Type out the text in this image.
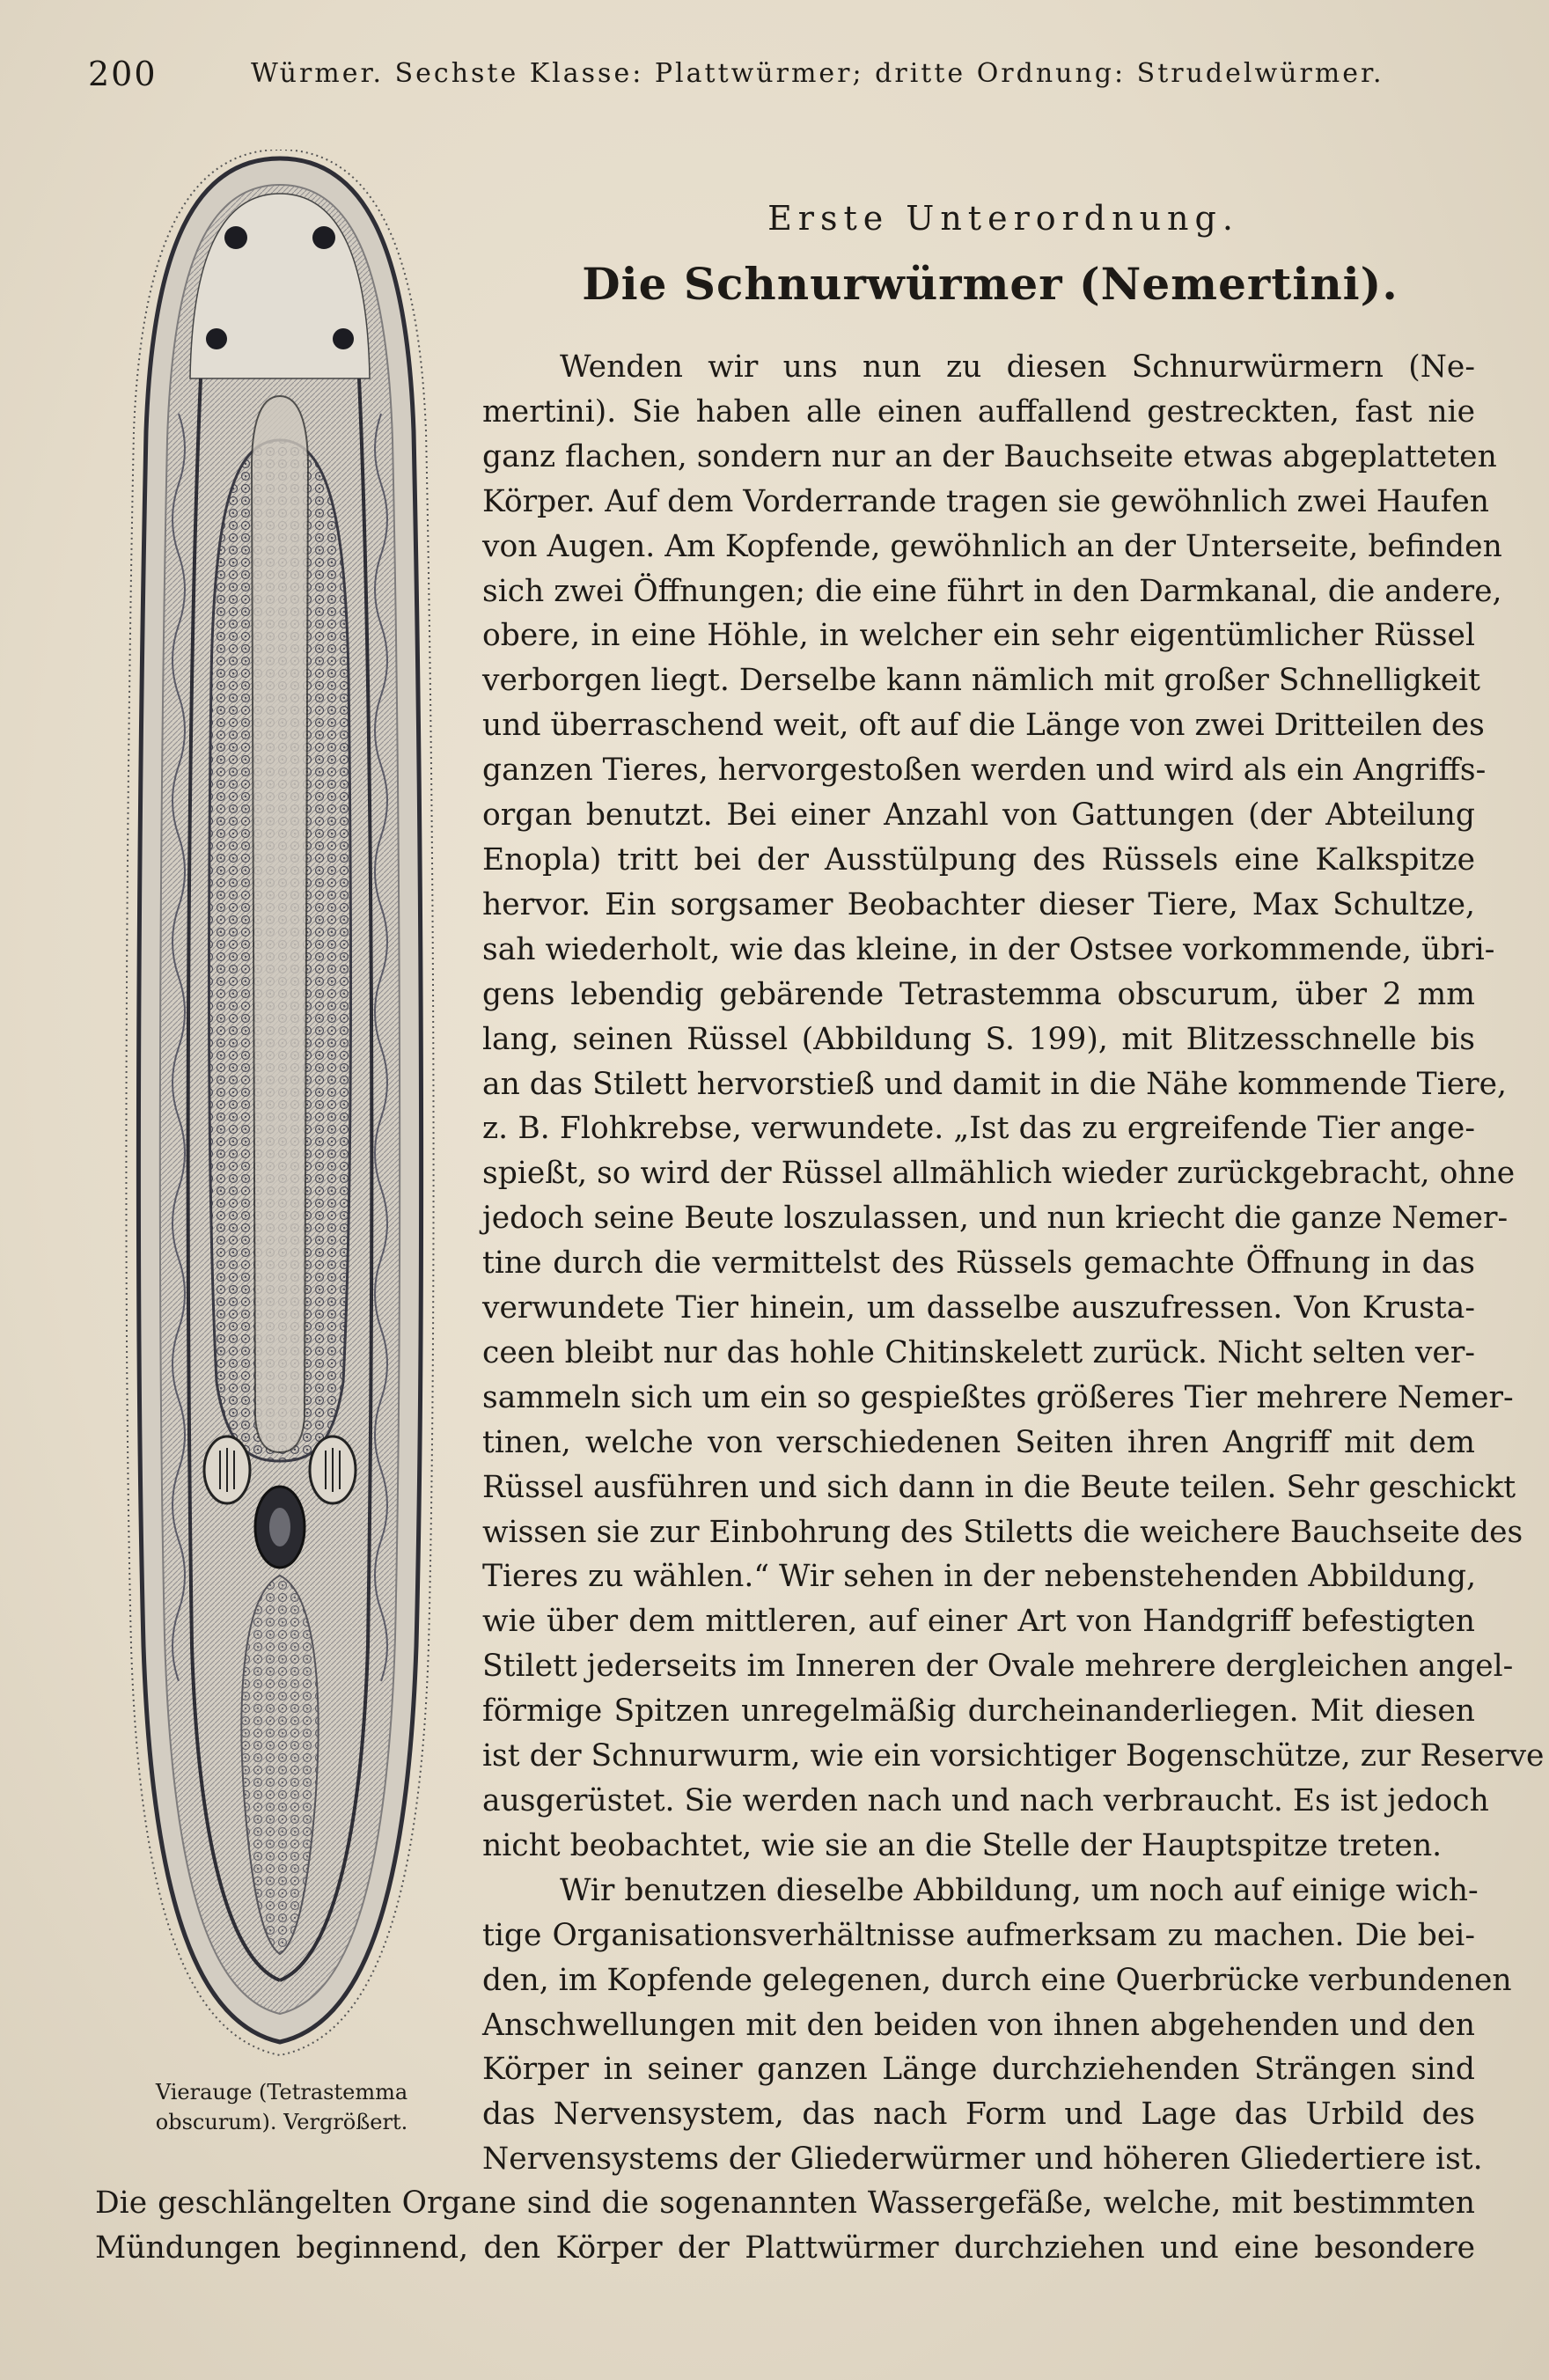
200	Würmer. Sechste Klasse: Plattwürmer; dritte Ordnung: Strudelwürmer.
Vierauge (Tetrastemma
obscurum). Vergrößert.
Erste Unterordnung.
Die Schnurwürmer (Nemertini).
Wenden wir uns nun zu diesen Schnurwürmern (Ne-
mertini). Sie haben alle einen auffallend gestreckten, fast nie
ganz flachen, sondern nur an der Bauchseite etwas abgeplatteten
Körper. Auf dem Vorderrande tragen sie gewöhnlich zwei Haufen
von Augen. Am Kopfende, gewöhnlich an der Unterseite, befinden
sich zwei Öffnungen; die eine führt in den Darmkanal, die andere,
obere, in eine Höhle, in welcher ein sehr eigentümlicher Rüssel
verborgen liegt. Derselbe kann nämlich mit großer Schnelligkeit
und überraschend weit, oft auf die Länge von zwei Dritteilen des
ganzen Tieres, hervorgestoßen werden und wird als ein Angriffs-
organ benutzt. Bei einer Anzahl von Gattungen (der Abteilung
Enopla) tritt bei der Ausstülpung des Rüssels eine Kalkspitze
hervor. Ein sorgsamer Beobachter dieser Tiere, Max Schultze,
sah wiederholt, wie das kleine, in der Ostsee vorkommende, übri-
gens lebendig gebärende Tetrastemma obscurum, über 2 mm
lang, seinen Rüssel (Abbildung S. 199), mit Blitzesschnelle bis
an das Stilett hervorstieß und damit in die Nähe kommende Tiere,
z. B. Flohkrebse, verwundete. „Ist das zu ergreifende Tier ange-
spießt, so wird der Rüssel allmählich wieder zurückgebracht, ohne
jedoch seine Beute loszulassen, und nun kriecht die ganze Nemer-
tine durch die vermittelst des Rüssels gemachte Öffnung in das
verwundete Tier hinein, um dasselbe auszufressen. Von Krusta-
ceen bleibt nur das hohle Chitinskelett zurück. Nicht selten ver-
sammeln sich um ein so gespießtes größeres Tier mehrere Nemer-
tinen, welche von verschiedenen Seiten ihren Angriff mit dem
Rüssel ausführen und sich dann in die Beute teilen. Sehr geschickt
wissen sie zur Einbohrung des Stiletts die weichere Bauchseite des
Tieres zu wählen.“ Wir sehen in der nebenstehenden Abbildung,
wie über dem mittleren, auf einer Art von Handgriff befestigten
Stilett jederseits im Inneren der Ovale mehrere dergleichen angel-
förmige Spitzen unregelmäßig durcheinanderliegen. Mit diesen
ist der Schnurwurm, wie ein vorsichtiger Bogenschütze, zur Reserve
ausgerüstet. Sie werden nach und nach verbraucht. Es ist jedoch
nicht beobachtet, wie sie an die Stelle der Hauptspitze treten.
Wir benutzen dieselbe Abbildung, um noch auf einige wich-
tige Organisationsverhältnisse aufmerksam zu machen. Die bei-
den, im Kopfende gelegenen, durch eine Querbrücke verbundenen
Anschwellungen mit den beiden von ihnen abgehenden und den
Körper in seiner ganzen Länge durchziehenden Strängen sind
das Nervensystem, das nach Form und Lage das Urbild des
Nervensystems der Gliederwürmer und höheren Gliedertiere ist.
Die geschlängelten Organe sind die sogenannten Wassergefäße, welche, mit bestimmten
Mündungen beginnend, den Körper der Plattwürmer durchziehen und eine besondere
